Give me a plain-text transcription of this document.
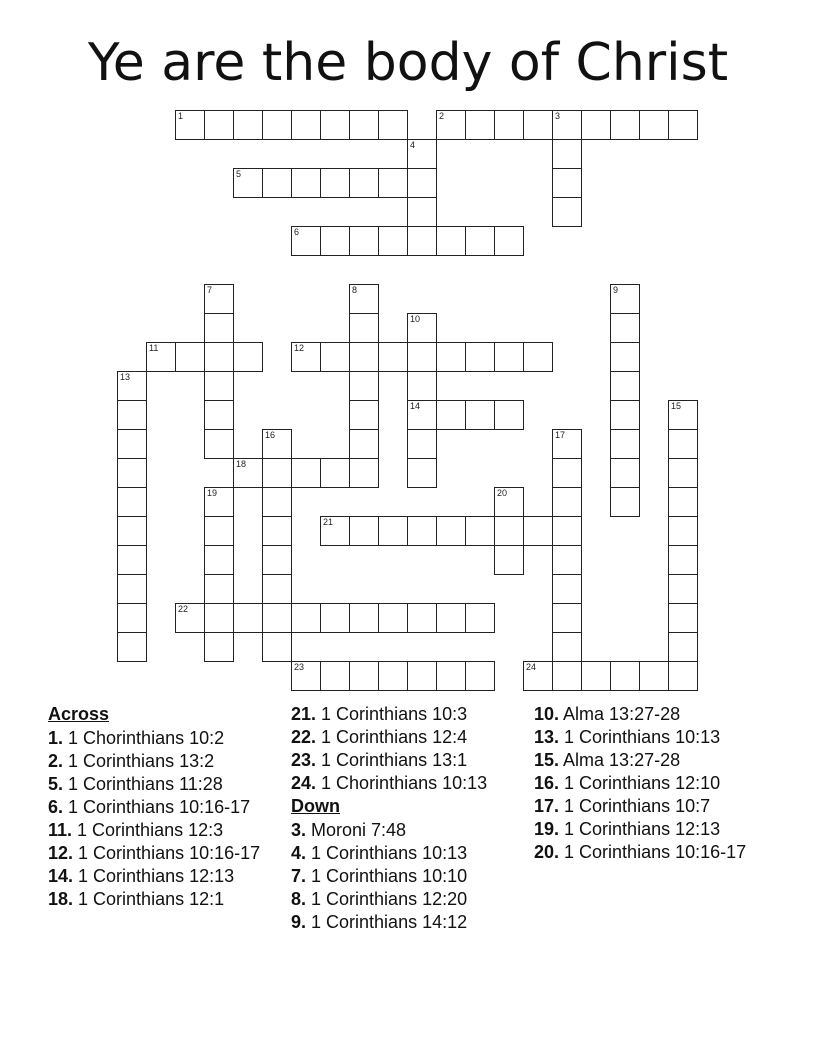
Ye are the body of Christ
1	2	3
4
5
6
7	8	9
10
14
11	12
13
15
16	17
18
19	20
21
22
23	24
Across
1. 1 Chorinthians 10:2
2. 1 Corinthians 13:2
5. 1 Corinthians 11:28
6. 1 Corinthians 10:16-17
11. 1 Corinthians 12:3
12. 1 Corinthians 10:16-17
14. 1 Corinthians 12:13
18. 1 Corinthians 12:1
21. 1 Corinthians 10:3
22. 1 Corinthians 12:4
23. 1 Corinthians 13:1
24. 1 Chorinthians 10:13
Down
3. Moroni 7:48
4. 1 Corinthians 10:13
7. 1 Corinthians 10:10
8. 1 Corinthians 12:20
9. 1 Corinthians 14:12
10. Alma 13:27-28
13. 1 Corinthians 10:13
15. Alma 13:27-28
16. 1 Corinthians 12:10
17. 1 Corinthians 10:7
19. 1 Corinthians 12:13
20. 1 Corinthians 10:16-17
